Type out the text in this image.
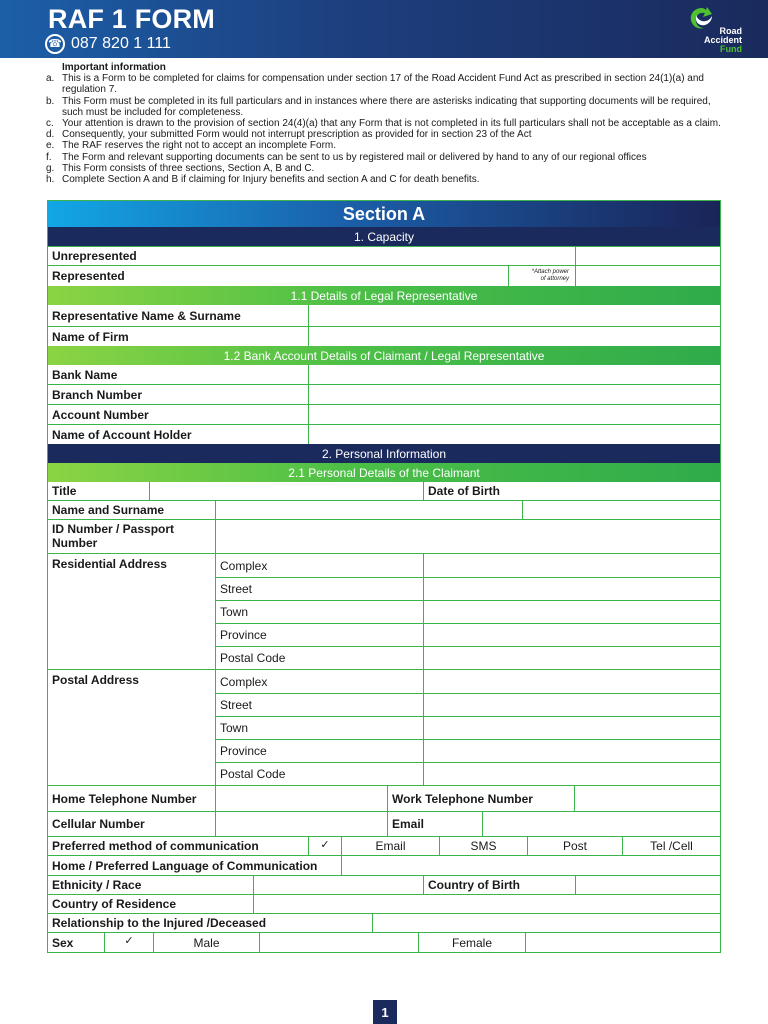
RAF 1 FORM
☎ 087 820 1 111
Road
Accident
Fund
Important information
a. This is a Form to be completed for claims for compensation under section 17 of the Road Accident Fund Act as prescribed in section 24(1)(a) and regulation 7.
b. This Form must be completed in its full particulars and in instances where there are asterisks indicating that supporting documents will be required, such must be included for completeness.
c. Your attention is drawn to the provision of section 24(4)(a) that any Form that is not completed in its full particulars shall not be acceptable as a claim.
d. Consequently, your submitted Form would not interrupt prescription as provided for in section 23 of the Act
e. The RAF reserves the right not to accept an incomplete Form.
f.	The Form and relevant supporting documents can be sent to us by registered mail or delivered by hand to any of our regional offices
g. This Form consists of three sections, Section A, B and C.
h. Complete Section A and B if claiming for Injury benefits and section A and C for death benefits.
Section A
1. Capacity
Unrepresented
Represented	*Attach power
of attorney
1.1 Details of Legal Representative
Representative Name & Surname
Name of Firm
1.2 Bank Account Details of Claimant / Legal Representative
Bank Name
Branch Number
Account Number
Name of Account Holder
2. Personal Information
2.1 Personal Details of the Claimant
Title	Date of Birth
Name and Surname
ID Number / Passport Number
Residential Address	Complex
Street
Town
Province
Postal Code
Postal Address	Complex
Street
Town
Province
Postal Code
Home Telephone Number	Work Telephone Number
Cellular Number	Email
Preferred method of communication	✓	Email	SMS	Post	Tel /Cell
Home / Preferred Language of Communication
Ethnicity / Race	Country of Birth
Country of Residence
Relationship to the Injured /Deceased
Sex	✓	Male	Female
1
